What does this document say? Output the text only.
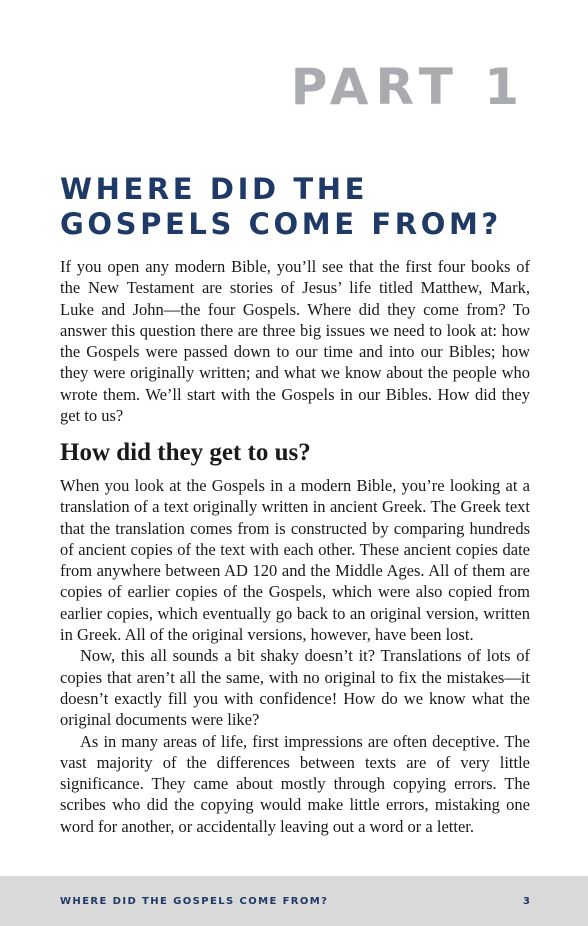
PART 1
WHERE DID THE GOSPELS COME FROM?

If you open any modern Bible, you’ll see that the first four books of the New Testament are stories of Jesus’ life titled Matthew, Mark, Luke and John—the four Gospels. Where did they come from? To answer this question there are three big issues we need to look at: how the Gospels were passed down to our time and into our Bibles; how they were originally written; and what we know about the people who wrote them. We’ll start with the Gospels in our Bibles. How did they get to us?

How did they get to us?

When you look at the Gospels in a modern Bible, you’re looking at a translation of a text originally written in ancient Greek. The Greek text that the translation comes from is constructed by comparing hundreds of ancient copies of the text with each other. These ancient copies date from anywhere between AD 120 and the Middle Ages. All of them are copies of earlier copies of the Gospels, which were also copied from earlier copies, which eventually go back to an original version, written in Greek. All of the original versions, however, have been lost.

Now, this all sounds a bit shaky doesn’t it? Translations of lots of copies that aren’t all the same, with no original to fix the mistakes—it doesn’t exactly fill you with confidence! How do we know what the original documents were like?

As in many areas of life, first impressions are often deceptive. The vast majority of the differences between texts are of very little significance. They came about mostly through copying errors. The scribes who did the copying would make little errors, mistaking one word for another, or accidentally leaving out a word or a letter.

WHERE DID THE GOSPELS COME FROM?	3
